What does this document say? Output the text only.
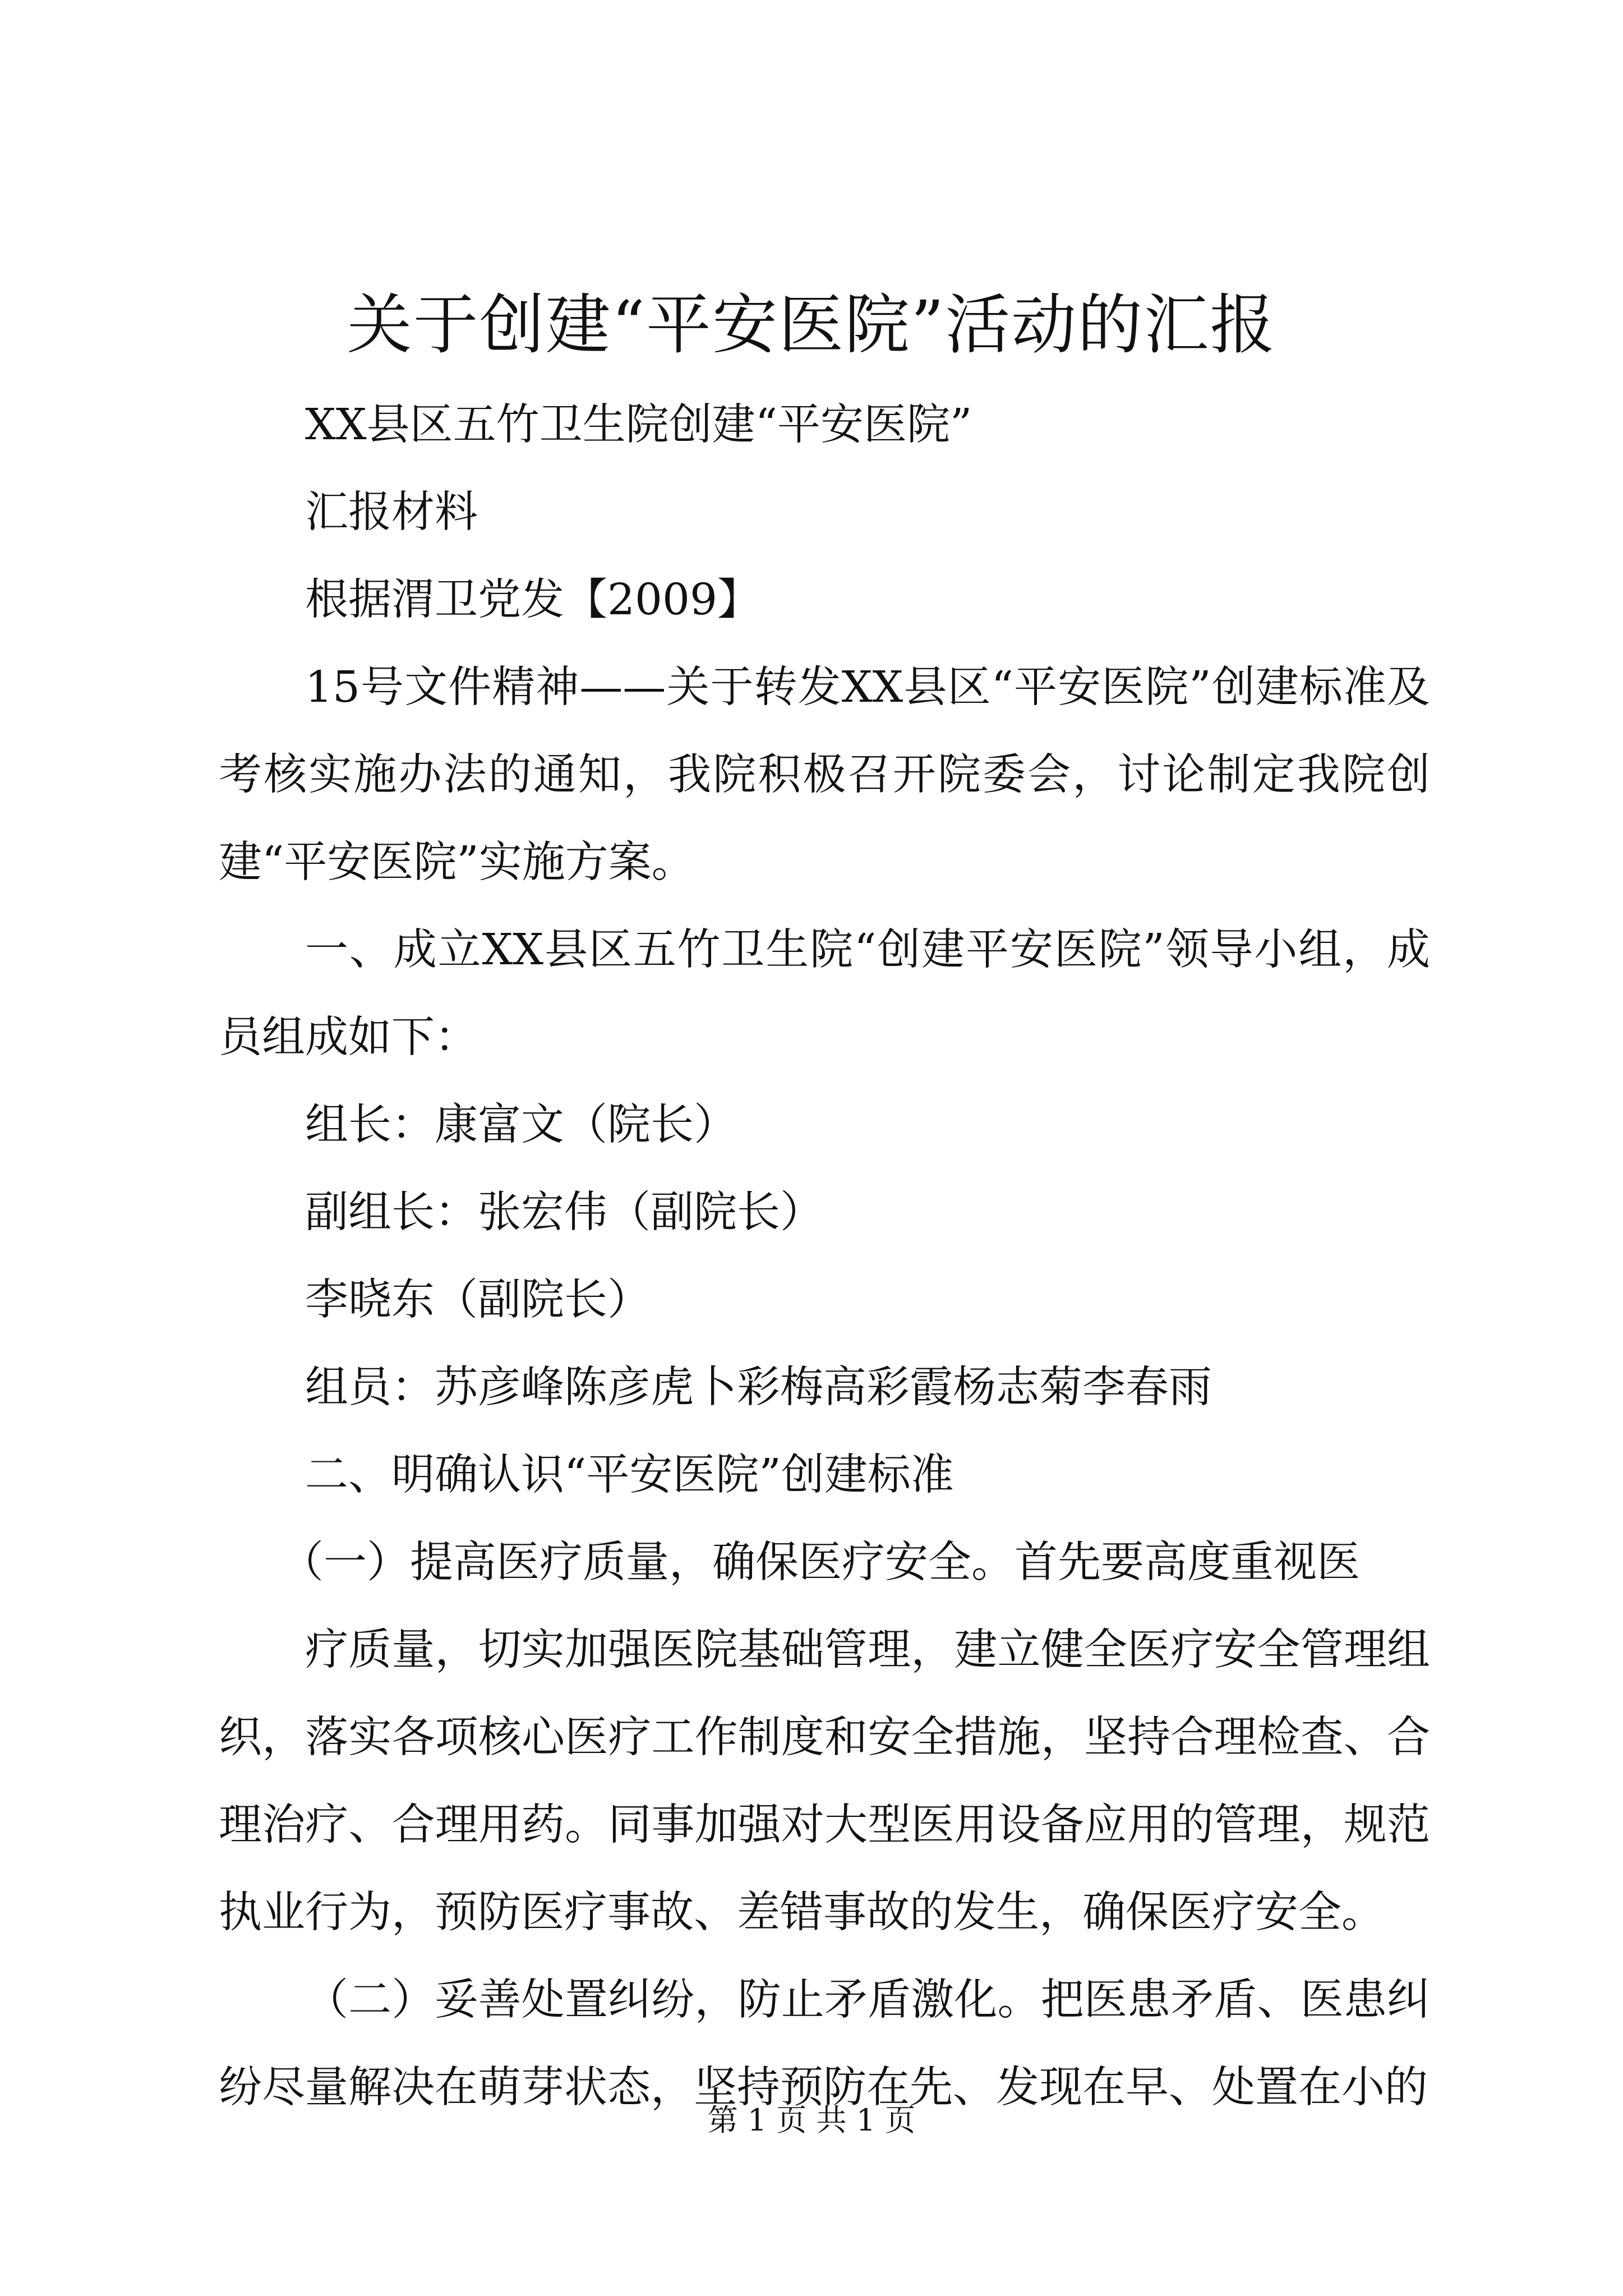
关于创建“平安医院”活动的汇报

XX县区五竹卫生院创建“平安医院”

汇报材料

根据渭卫党发【2009】

15号文件精神——关于转发XX县区“平安医院”创建标准及考核实施办法的通知，我院积极召开院委会，讨论制定我院创建“平安医院”实施方案。

一、成立XX县区五竹卫生院“创建平安医院”领导小组，成员组成如下：

组长：康富文（院长）

副组长：张宏伟（副院长）

李晓东（副院长）

组员：苏彦峰陈彦虎卜彩梅高彩霞杨志菊李春雨

二、明确认识“平安医院”创建标准

（一）提高医疗质量，确保医疗安全。首先要高度重视医

疗质量，切实加强医院基础管理，建立健全医疗安全管理组织，落实各项核心医疗工作制度和安全措施，坚持合理检查、合理治疗、合理用药。同事加强对大型医用设备应用的管理，规范执业行为，预防医疗事故、差错事故的发生，确保医疗安全。

（二）妥善处置纠纷，防止矛盾激化。把医患矛盾、医患纠纷尽量解决在萌芽状态，坚持预防在先、发现在早、处置在小的

第 1 页 共 1 页
